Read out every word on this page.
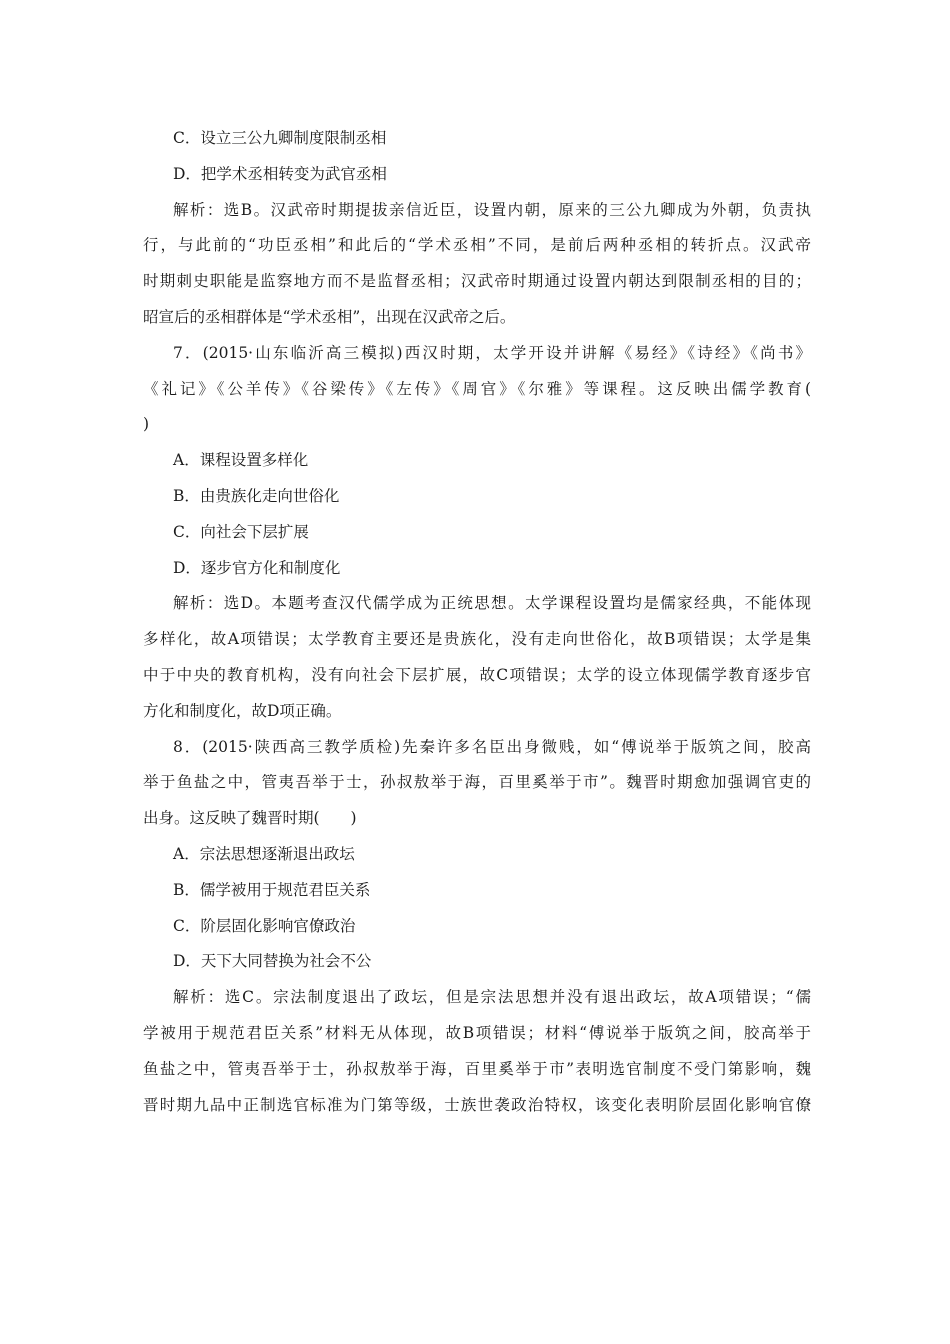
C．设立三公九卿制度限制丞相

D．把学术丞相转变为武官丞相

解析：选B。汉武帝时期提拔亲信近臣，设置内朝，原来的三公九卿成为外朝，负责执

行，与此前的“功臣丞相”和此后的“学术丞相”不同，是前后两种丞相的转折点。汉武帝

时期刺史职能是监察地方而不是监督丞相；汉武帝时期通过设置内朝达到限制丞相的目的；

昭宣后的丞相群体是“学术丞相”，出现在汉武帝之后。

7．(2015·山东临沂高三模拟)西汉时期，太学开设并讲解《易经》《诗经》《尚书》

《礼记》《公羊传》《谷梁传》《左传》《周官》《尔雅》等课程。这反映出儒学教育(

)

A．课程设置多样化

B．由贵族化走向世俗化

C．向社会下层扩展

D．逐步官方化和制度化

解析：选D。本题考查汉代儒学成为正统思想。太学课程设置均是儒家经典，不能体现

多样化，故A项错误；太学教育主要还是贵族化，没有走向世俗化，故B项错误；太学是集

中于中央的教育机构，没有向社会下层扩展，故C项错误；太学的设立体现儒学教育逐步官

方化和制度化，故D项正确。

8．(2015·陕西高三教学质检)先秦许多名臣出身微贱，如“傅说举于版筑之间，胶高

举于鱼盐之中，管夷吾举于士，孙叔敖举于海，百里奚举于市”。魏晋时期愈加强调官吏的

出身。这反映了魏晋时期(　　)

A．宗法思想逐渐退出政坛

B．儒学被用于规范君臣关系

C．阶层固化影响官僚政治

D．天下大同替换为社会不公

解析：选C。宗法制度退出了政坛，但是宗法思想并没有退出政坛，故A项错误；“儒

学被用于规范君臣关系”材料无从体现，故B项错误；材料“傅说举于版筑之间，胶高举于

鱼盐之中，管夷吾举于士，孙叔敖举于海，百里奚举于市”表明选官制度不受门第影响，魏

晋时期九品中正制选官标准为门第等级，士族世袭政治特权，该变化表明阶层固化影响官僚
